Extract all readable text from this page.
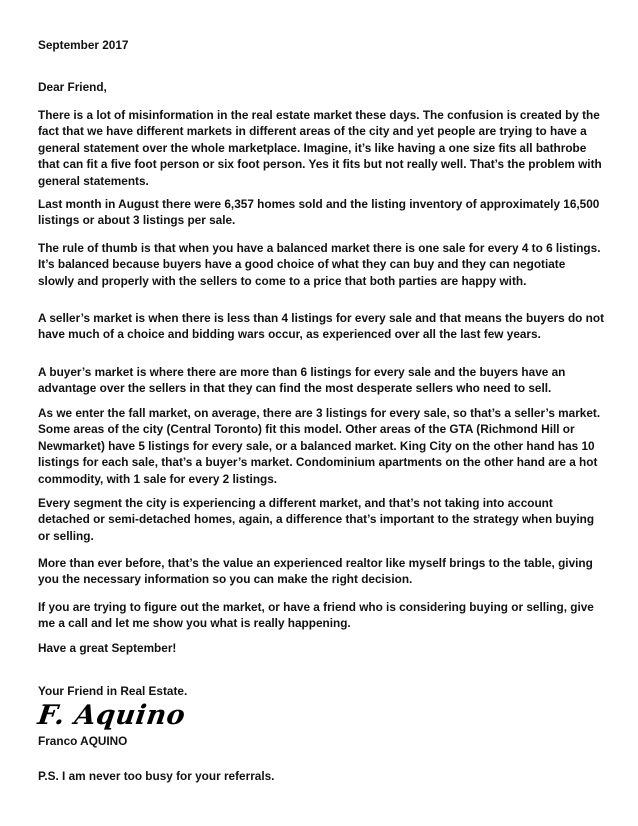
September 2017
Dear Friend,

There is a lot of misinformation in the real estate market these days. The confusion is created by the fact that we have different markets in different areas of the city and yet people are trying to have a general statement over the whole marketplace. Imagine, it’s like having a one size fits all bathrobe that can fit a five foot person or six foot person. Yes it fits but not really well. That’s the problem with general statements.

Last month in August there were 6,357 homes sold and the listing inventory of approximately 16,500 listings or about 3 listings per sale.

The rule of thumb is that when you have a balanced market there is one sale for every 4 to 6 listings. It’s balanced because buyers have a good choice of what they can buy and they can negotiate slowly and properly with the sellers to come to a price that both parties are happy with.

A seller’s market is when there is less than 4 listings for every sale and that means the buyers do not have much of a choice and bidding wars occur, as experienced over all the last few years.

A buyer’s market is where there are more than 6 listings for every sale and the buyers have an advantage over the sellers in that they can find the most desperate sellers who need to sell.

As we enter the fall market, on average, there are 3 listings for every sale, so that’s a seller’s market. Some areas of the city (Central Toronto) fit this model. Other areas of the GTA (Richmond Hill or Newmarket) have 5 listings for every sale, or a balanced market. King City on the other hand has 10 listings for each sale, that’s a buyer’s market. Condominium apartments on the other hand are a hot commodity, with 1 sale for every 2 listings.

Every segment the city is experiencing a different market, and that’s not taking into account detached or semi-detached homes, again, a difference that’s important to the strategy when buying or selling.

More than ever before, that’s the value an experienced realtor like myself brings to the table, giving you the necessary information so you can make the right decision.

If you are trying to figure out the market, or have a friend who is considering buying or selling, give me a call and let me show you what is really happening.

Have a great September!
Your Friend in Real Estate.
F. Aquino
Franco AQUINO
P.S. I am never too busy for your referrals.
